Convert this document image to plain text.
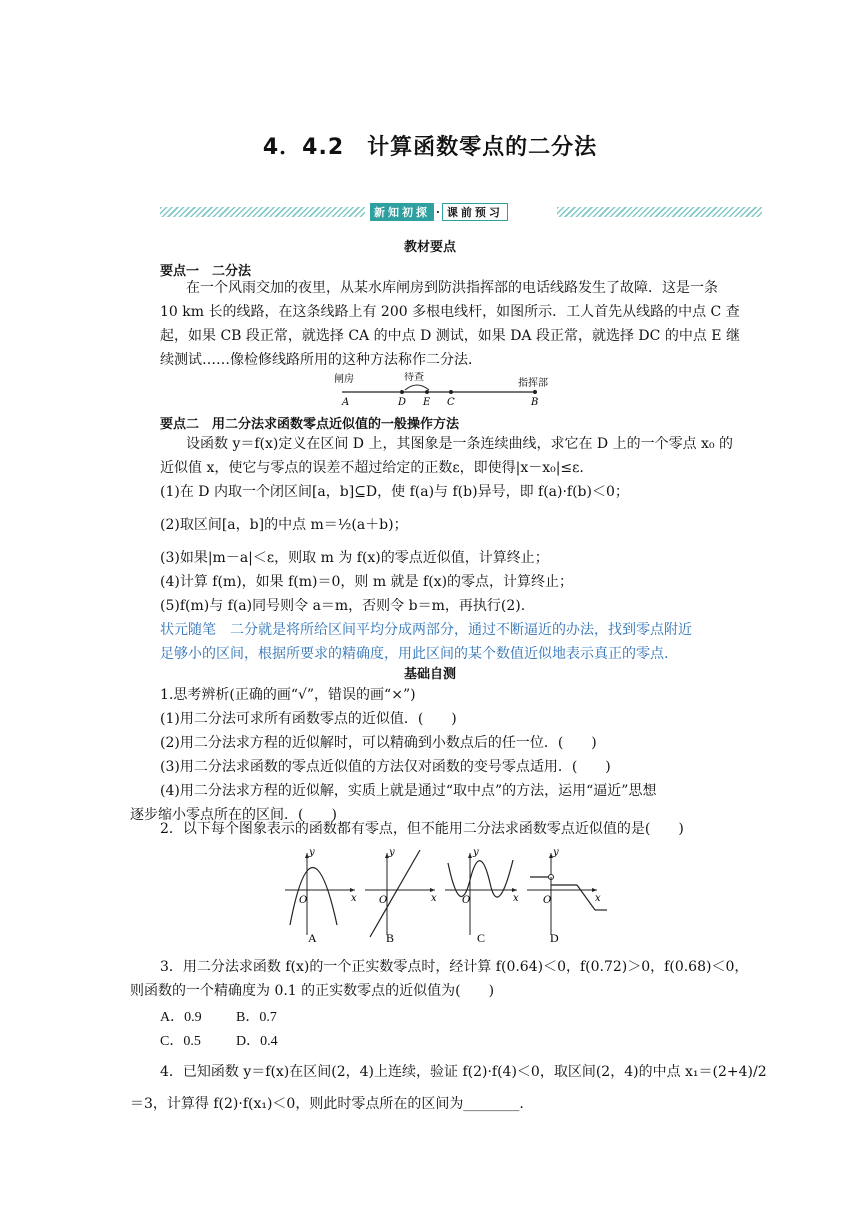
4．4.2　计算函数零点的二分法
新知初探 · 课前预习
教材要点
要点一　二分法
在一个风雨交加的夜里，从某水库闸房到防洪指挥部的电话线路发生了故障．这是一条
10 km 长的线路，在这条线路上有 200 多根电线杆，如图所示．工人首先从线路的中点 C 查
起，如果 CB 段正常，就选择 CA 的中点 D 测试，如果 DA 段正常，就选择 DC 的中点 E 继
续测试……像检修线路所用的这种方法称作二分法．
闸房	待查
指挥部
A	D E C	B
要点二　用二分法求函数零点近似值的一般操作方法
设函数 y＝f(x)定义在区间 D 上，其图象是一条连续曲线，求它在 D 上的一个零点 x₀ 的
近似值 x，使它与零点的误差不超过给定的正数ε，即使得|x－x₀|≤ε.
(1)在 D 内取一个闭区间[a，b]⊆D，使 f(a)与 f(b)异号，即 f(a)·f(b)＜0；
(2)取区间[a，b]的中点 m＝½(a＋b)；
(3)如果|m－a|＜ε，则取 m 为 f(x)的零点近似值，计算终止；
(4)计算 f(m)，如果 f(m)＝0，则 m 就是 f(x)的零点，计算终止；
(5)f(m)与 f(a)同号则令 a＝m，否则令 b＝m，再执行(2).
状元随笔　二分就是将所给区间平均分成两部分，通过不断逼近的办法，找到零点附近
足够小的区间，根据所要求的精确度，用此区间的某个数值近似地表示真正的零点.
基础自测
1.思考辨析(正确的画“√”，错误的画“×”)
(1)用二分法可求所有函数零点的近似值．(　　)
(2)用二分法求方程的近似解时，可以精确到小数点后的任一位．(　　)
(3)用二分法求函数的零点近似值的方法仅对函数的变号零点适用．(　　)
(4)用二分法求方程的近似解，实质上就是通过“取中点”的方法，运用“逼近”思想
逐步缩小零点所在的区间．(　　)
2．以下每个图象表示的函数都有零点，但不能用二分法求函数零点近似值的是(　　)
y
x
O
y
x
O
y
x
O
y
x
O
A	B	C	D
3．用二分法求函数 f(x)的一个正实数零点时，经计算 f(0.64)＜0，f(0.72)＞0，f(0.68)＜0，
则函数的一个精确度为 0.1 的正实数零点的近似值为(　　)
A．0.9 B．0.7
C．0.5	D．0.4
4．已知函数 y＝f(x)在区间(2，4)上连续，验证 f(2)·f(4)＜0，取区间(2，4)的中点 x₁＝(2+4)/2
＝3，计算得 f(2)·f(x₁)＜0，则此时零点所在的区间为________.
